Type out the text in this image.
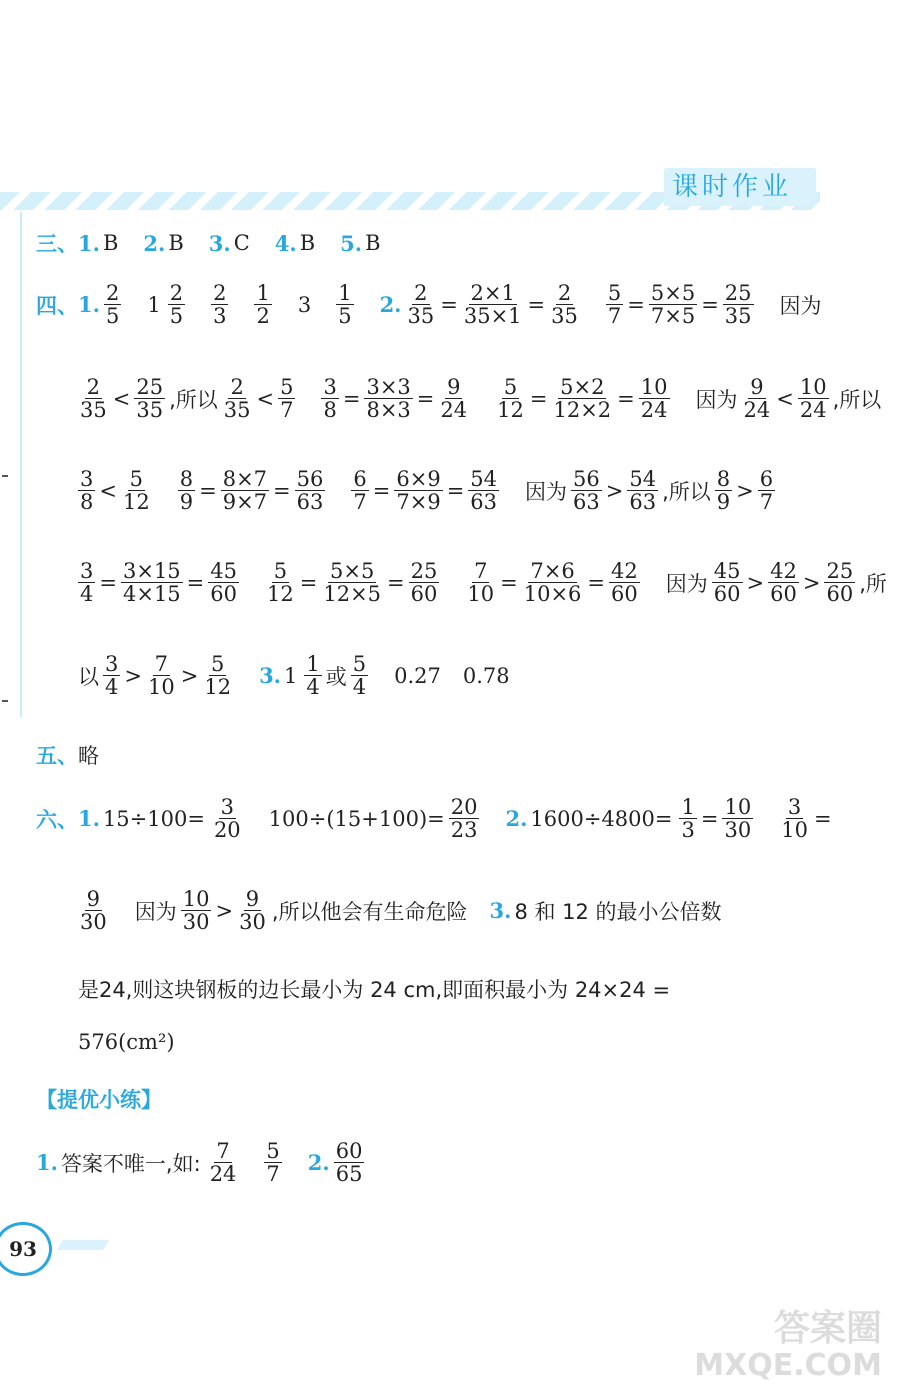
课时作业
三、 1. B 2. B 3. C 4. B 5. B
四、 1. $\frac{2}{5} 1 \frac{2}{5} \frac{2}{3} \frac{1}{2} 3 \frac{1}{5} 2$. $\frac{2}{35} = \frac{2\times 1}{35\times 1} = \frac{2}{35} \frac{5}{7} = \frac{5\times 5}{7\times 5} = \frac{25}{35}$ 因为
$\frac{2}{35} < \frac{25}{35}$ ,所以 $\frac{2}{35} < \frac{5}{7} \frac{3}{8} = \frac{3\times 3}{8\times 3} = \frac{9}{24} \frac{5}{12} = \frac{5\times 2}{12\times 2} = \frac{10}{24}$ 因为 $\frac{9}{24} < \frac{10}{24}$ ,所以
$\frac{3}{8} < \frac{5}{12} \frac{8}{9} = \frac{8\times 7}{9\times 7} = \frac{56}{63} \frac{6}{7} = \frac{6\times 9}{7\times 9} = \frac{54}{63}$ 因为 $\frac{56}{63} > \frac{54}{63}$ ,所以 $\frac{8}{9} > \frac{6}{7}$
$\frac{3}{4} = \frac{3\times 15}{4\times 15} = \frac{45}{60} \frac{5}{12} = \frac{5\times 5}{12\times 5} = \frac{25}{60} \frac{7}{10} = \frac{7\times 6}{10\times 6} = \frac{42}{60}$ 因为 $\frac{45}{60} > \frac{42}{60} > \frac{25}{60}$ ,所
以 $\frac{3}{4} > \frac{7}{10} > \frac{5}{12} 3$. $1 \frac{1}{4}$ 或 $\frac{5}{4} 0.27$ 0.78
五、 略
六、 1. $15\div 100= \frac{3}{20} 100\div(15+100)= \frac{20}{23} 2$. $1600\div 4800= \frac{1}{3} = \frac{10}{30} \frac{3}{10}$ =
$\frac{9}{30}$ 因为 $\frac{10}{30} > \frac{9}{30}$ ,所以他会有生命危险 3. 8 和 12 的最小公倍数
是24,则这块钢板的边长最小为 24 cm,即面积最小为 24×24 =
576(cm²)
【提优小练】
1. 答案不唯一,如: $\frac{7}{24} \frac{5}{7} 2$. $\frac{60}{65}$
93
答案圈
MXQE.COM
